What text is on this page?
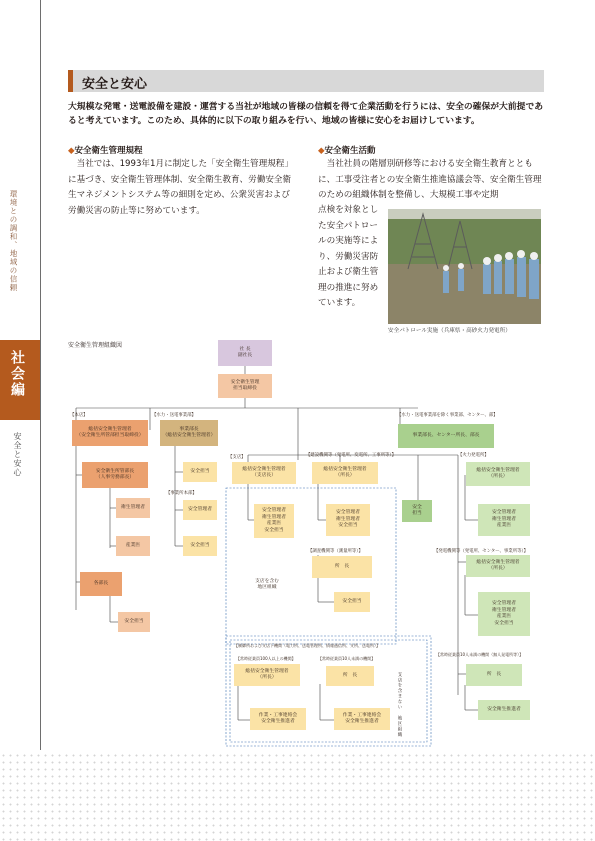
環境との調和、地域の信頼
社会編
安全と安心
安全と安心
大規模な発電・送電設備を建設・運営する当社が地域の皆様の信頼を得て企業活動を行うには、安全の確保が大前提であると考えています。このため、具体的に以下の取り組みを行い、地域の皆様に安心をお届けしています。
◆安全衛生管理規程
当社では、1993年1月に制定した「安全衛生管理規程」に基づき、安全衛生管理体制、安全衛生教育、労働安全衛生マネジメントシステム等の細則を定め、公衆災害および労働災害の防止等に努めています。
◆安全衛生活動
当社社員の階層別研修等における安全衛生教育とともに、工事受注者との安全衛生推進協議会等、安全衛生管理のための組織体制を整備し、大規模工事や定期
点検を対象とした安全パトロールの実施等により、労働災害防止および衛生管理の推進に努めています。
安全パトロール実施（兵庫県・高砂火力発電所）
安全衛生管理組織図	社 長
副社長
安全衛生管理
担当取締役
【本店】
総括安全衛生管理者
（安全衛生所管部担当取締役）
安全衛生所管部長
（人事労務部長）
衛生管理者
産業医
各部長
安全担当
【水力・送電事業部】
事業部長
（総括安全衛生管理者）
安全担当
【事業所本部】
安全管理者
安全担当
【支店】
総括安全衛生管理者
（支店長）
安全管理者
衛生管理者
産業医
安全担当
支店を含む
地区組織
【建設機関等（発電所、変電所、工事所等）】
総括安全衛生管理者
（所長）
安全管理者
衛生管理者
安全担当
【調査機関等（測量所等）】
所　長
安全担当
【水力・送電事業部を除く事業部、センター、部】
事業部長、センター所長、部長
安全
担当
【火力発電所】
総括安全衛生管理者
（所長）
安全管理者
衛生管理者
産業医
【発電機関等（発電所、センター、事業所等）】
総括安全衛生管理者
（所長）
安全管理者
衛生管理者
産業医
安全担当
【常時従業員10人未満の機関（無人発電所等）】
所　長
安全衛生推進者
【制御所および支店下機関（電力所、送電管理所、情報通信所、支所、送電所）】
【常時従業員100人以上の機関】
総括安全衛生管理者
（所長）
作業・工事連絡会
安全衛生推進者
【常時従業員10人未満の機関】
所　長
作業・工事連絡会
安全衛生推進者	支店を含まない 地区組織
